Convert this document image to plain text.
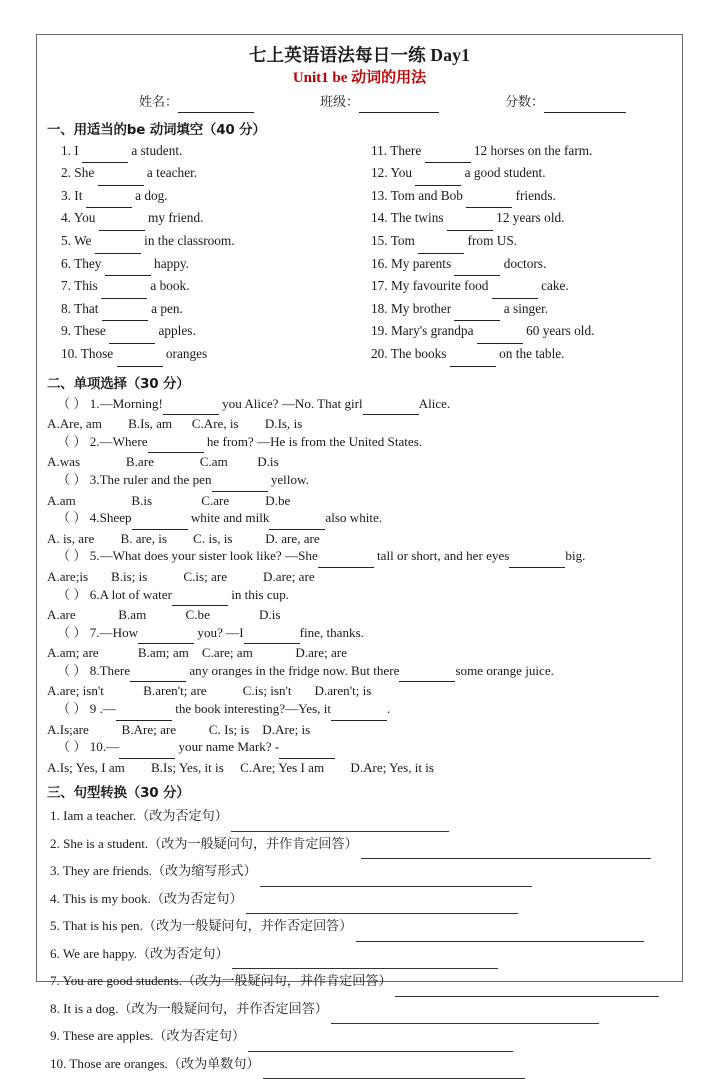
七上英语语法每日一练 Day1
Unit1 be 动词的用法
姓名：	班级：	分数：
一、用适当的be 动词填空（40 分）
1. I	a student.
2. She	a teacher.
3. It	a dog.
4. You	my friend.
5. We	in the classroom.
6. They	happy.
7. This	a book.
8. That	a pen.
9. These	apples.
10. Those	oranges
11. There	12 horses on the farm.
12. You	a good student.
13. Tom and Bob	friends.
14. The twins	12 years old.
15. Tom	from US.
16. My parents	doctors.
17. My favourite food	cake.
18. My brother	a singer.
19. Mary's grandpa	60 years old.
20. The books	on the table.
二、单项选择（30 分）
（ ） 1.—Morning!	you Alice? —No. That girl	Alice.
A.Are, am        B.Is, am      C.Are, is        D.Is, is
（ ） 2.—Where	he from? —He is from the United States.
A.was              B.are              C.am         D.is
（ ） 3.The ruler and the pen	yellow.
A.am                 B.is               C.are           D.be
（ ） 4.Sheep	white and milk	also white.
A. is, are        B. are, is        C. is, is          D. are, are
（ ） 5.—What does your sister look like? —She	tall or short, and her eyes	big.
A.are;is       B.is; is           C.is; are           D.are; are
（ ） 6.A lot of water	in this cup.
A.are             B.am            C.be               D.is
（ ） 7.—How	you? —I	fine, thanks.
A.am; are            B.am; am    C.are; am             D.are; are
（ ） 8.There	any oranges in the fridge now. But there	some orange juice.
A.are; isn't            B.aren't; are           C.is; isn't       D.aren't; is
（ ） 9 .—	the book interesting?—Yes, it	.
A.Is;are          B.Are; are          C. Is; is    D.Are; is
（ ） 10.—	your name Mark? -
A.Is; Yes, I am        B.Is; Yes, it is     C.Are; Yes I am        D.Are; Yes, it is
三、句型转换（30 分）
1. Iam a teacher.（改为否定句）
2. She is a student.（改为一般疑问句，并作肯定回答）
3. They are friends.（改为缩写形式）
4. This is my book.（改为否定句）
5. That is his pen.（改为一般疑问句，并作否定回答）
6. We are happy.（改为否定句）
7. You are good students.（改为一般疑问句，并作肯定回答）
8. It is a dog.（改为一般疑问句，并作否定回答）
9. These are apples.（改为否定句）
10. Those are oranges.（改为单数句）
